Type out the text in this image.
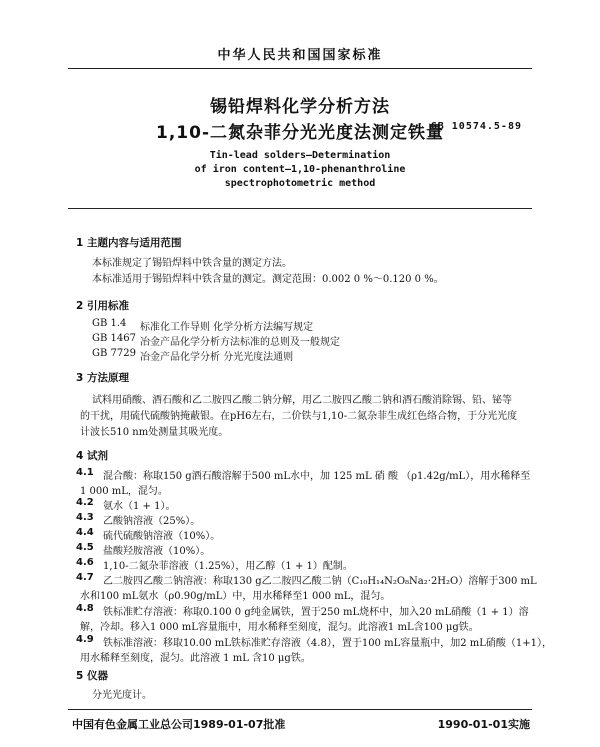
中华人民共和国国家标准
锡铅焊料化学分析方法
1,10-二氮杂菲分光光度法测定铁量
GB 10574.5-89
Tin-lead solders—Determination
of iron content—1,10-phenanthroline
spectrophotometric method
1 主题内容与适用范围
本标准规定了锡铅焊料中铁含量的测定方法。
本标准适用于锡铅焊料中铁含量的测定。测定范围：0.002 0 %～0.120 0 %。
2 引用标准
GB 1.4 标准化工作导则 化学分析方法编写规定
GB 1467 冶金产品化学分析方法标准的总则及一般规定
GB 7729 冶金产品化学分析 分光光度法通则
3 方法原理
试料用硝酸、酒石酸和乙二胺四乙酸二钠分解，用乙二胺四乙酸二钠和酒石酸消除锡、铅、铋等
的干扰，用硫代硫酸钠掩蔽银。在pH6左右，二价铁与1,10-二氮杂菲生成红色络合物，于分光光度
计波长510 nm处测量其吸光度。
4 试剂
4.1 混合酸：称取150 g酒石酸溶解于500 mL水中，加 125 mL 硝 酸 （ρ1.42g/mL），用水稀释至
1 000 mL，混匀。
4.2 氨水（1 + 1）。
4.3 乙酸钠溶液（25%）。
4.4 硫代硫酸钠溶液（10%）。
4.5 盐酸羟胺溶液（10%）。
4.6 1,10-二氮杂菲溶液（1.25%），用乙醇（1 + 1）配制。
4.7 乙二胺四乙酸二钠溶液：称取130 g乙二胺四乙酸二钠（C₁₀H₁₄N₂O₈Na₂·2H₂O）溶解于300 mL
水和100 mL氨水（ρ0.90g/mL）中，用水稀释至1 000 mL，混匀。
4.8 铁标准贮存溶液：称取0.100 0 g纯金属铁，置于250 mL烧杯中，加入20 mL硝酸（1 + 1）溶
解，冷却。移入1 000 mL容量瓶中，用水稀释至刻度，混匀。此溶液1 mL含100 μg铁。
4.9 铁标准溶液：移取10.00 mL铁标准贮存溶液（4.8），置于100 mL容量瓶中，加2 mL硝酸（1+1），
用水稀释至刻度，混匀。此溶液 1 mL 含10 μg铁。
5 仪器
分光光度计。
中国有色金属工业总公司1989-01-07批准	1990-01-01实施
